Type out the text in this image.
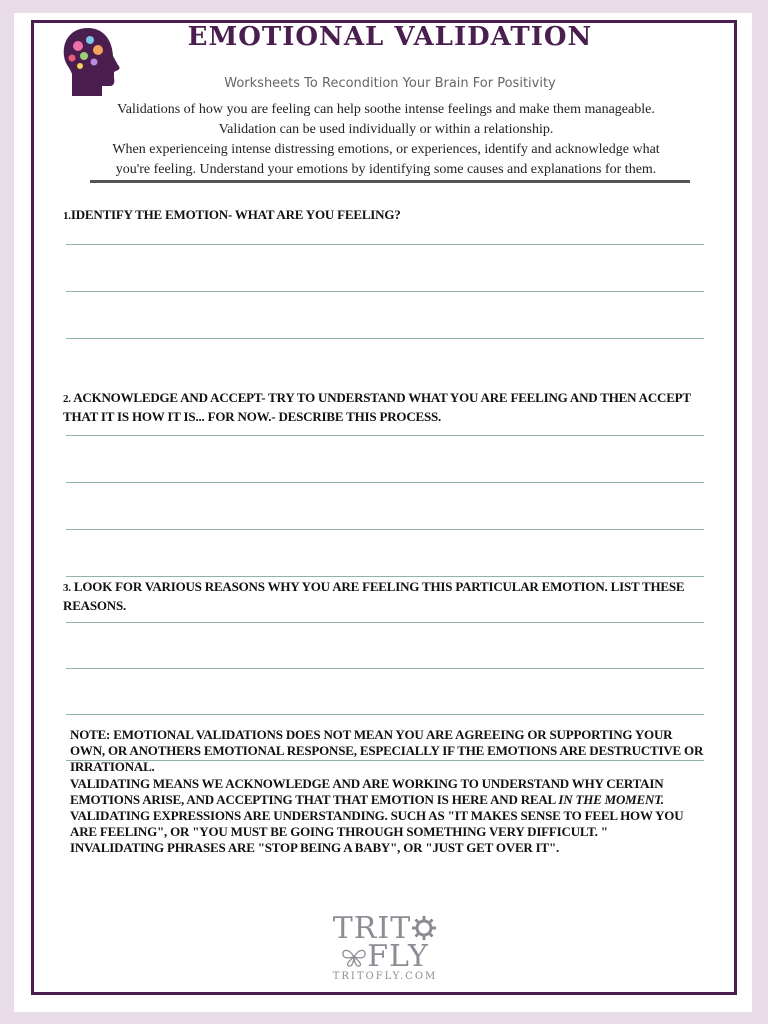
EMOTIONAL VALIDATION
Worksheets To Recondition Your Brain For Positivity
Validations of how you are feeling can help soothe intense feelings and make them manageable.
Validation can be used individually or within a relationship.
When experienceing intense distressing emotions, or experiences, identify and acknowledge what
you're feeling. Understand your emotions by identifying some causes and explanations for them.
1.IDENTIFY THE EMOTION- WHAT ARE YOU FEELING?
2. ACKNOWLEDGE AND ACCEPT- TRY TO UNDERSTAND WHAT YOU ARE FEELING AND THEN ACCEPT THAT IT IS HOW IT IS... FOR NOW.- DESCRIBE THIS PROCESS.
3. LOOK FOR VARIOUS REASONS WHY YOU ARE FEELING THIS PARTICULAR EMOTION. LIST THESE REASONS.

NOTE: EMOTIONAL VALIDATIONS DOES NOT MEAN YOU ARE AGREEING OR SUPPORTING YOUR OWN, OR ANOTHERS EMOTIONAL RESPONSE, ESPECIALLY IF THE EMOTIONS ARE DESTRUCTIVE OR IRRATIONAL.

VALIDATING MEANS WE ACKNOWLEDGE AND ARE WORKING TO UNDERSTAND WHY CERTAIN EMOTIONS ARISE, AND ACCEPTING THAT THAT EMOTION IS HERE AND REAL IN THE MOMENT.

VALIDATING EXPRESSIONS ARE UNDERSTANDING. SUCH AS "IT MAKES SENSE TO FEEL HOW YOU ARE FEELING", OR "YOU MUST BE GOING THROUGH SOMETHING VERY DIFFICULT. "

INVALIDATING PHRASES ARE "STOP BEING A BABY", OR "JUST GET OVER IT".

TRIT
FLY
TRITOFLY.COM
